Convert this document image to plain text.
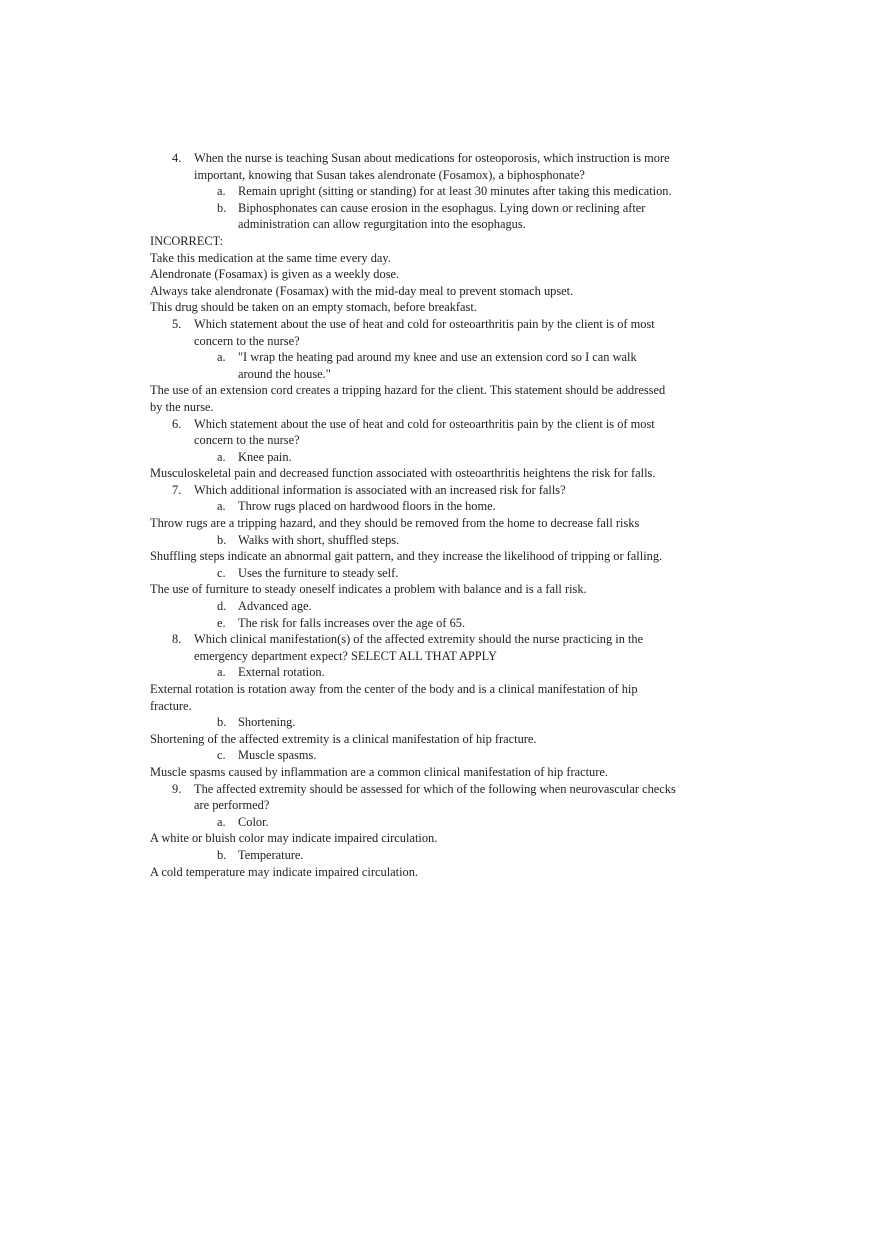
4. When the nurse is teaching Susan about medications for osteoporosis, which instruction is more important, knowing that Susan takes alendronate (Fosamox), a biphosphonate?
a. Remain upright (sitting or standing) for at least 30 minutes after taking this medication.
b. Biphosphonates can cause erosion in the esophagus. Lying down or reclining after administration can allow regurgitation into the esophagus.
INCORRECT:
Take this medication at the same time every day.
Alendronate (Fosamax) is given as a weekly dose.
Always take alendronate (Fosamax) with the mid-day meal to prevent stomach upset.
This drug should be taken on an empty stomach, before breakfast.
5. Which statement about the use of heat and cold for osteoarthritis pain by the client is of most concern to the nurse?
a. "I wrap the heating pad around my knee and use an extension cord so I can walk around the house."
The use of an extension cord creates a tripping hazard for the client. This statement should be addressed by the nurse.
6. Which statement about the use of heat and cold for osteoarthritis pain by the client is of most concern to the nurse?
a. Knee pain.
Musculoskeletal pain and decreased function associated with osteoarthritis heightens the risk for falls.
7. Which additional information is associated with an increased risk for falls?
a. Throw rugs placed on hardwood floors in the home.
Throw rugs are a tripping hazard, and they should be removed from the home to decrease fall risks
b. Walks with short, shuffled steps.
Shuffling steps indicate an abnormal gait pattern, and they increase the likelihood of tripping or falling.
c. Uses the furniture to steady self.
The use of furniture to steady oneself indicates a problem with balance and is a fall risk.
d. Advanced age.
e. The risk for falls increases over the age of 65.
8. Which clinical manifestation(s) of the affected extremity should the nurse practicing in the emergency department expect? SELECT ALL THAT APPLY
a. External rotation.
External rotation is rotation away from the center of the body and is a clinical manifestation of hip fracture.
b. Shortening.
Shortening of the affected extremity is a clinical manifestation of hip fracture.
c. Muscle spasms.
Muscle spasms caused by inflammation are a common clinical manifestation of hip fracture.
9. The affected extremity should be assessed for which of the following when neurovascular checks are performed?
a. Color.
A white or bluish color may indicate impaired circulation.
b. Temperature.
A cold temperature may indicate impaired circulation.
